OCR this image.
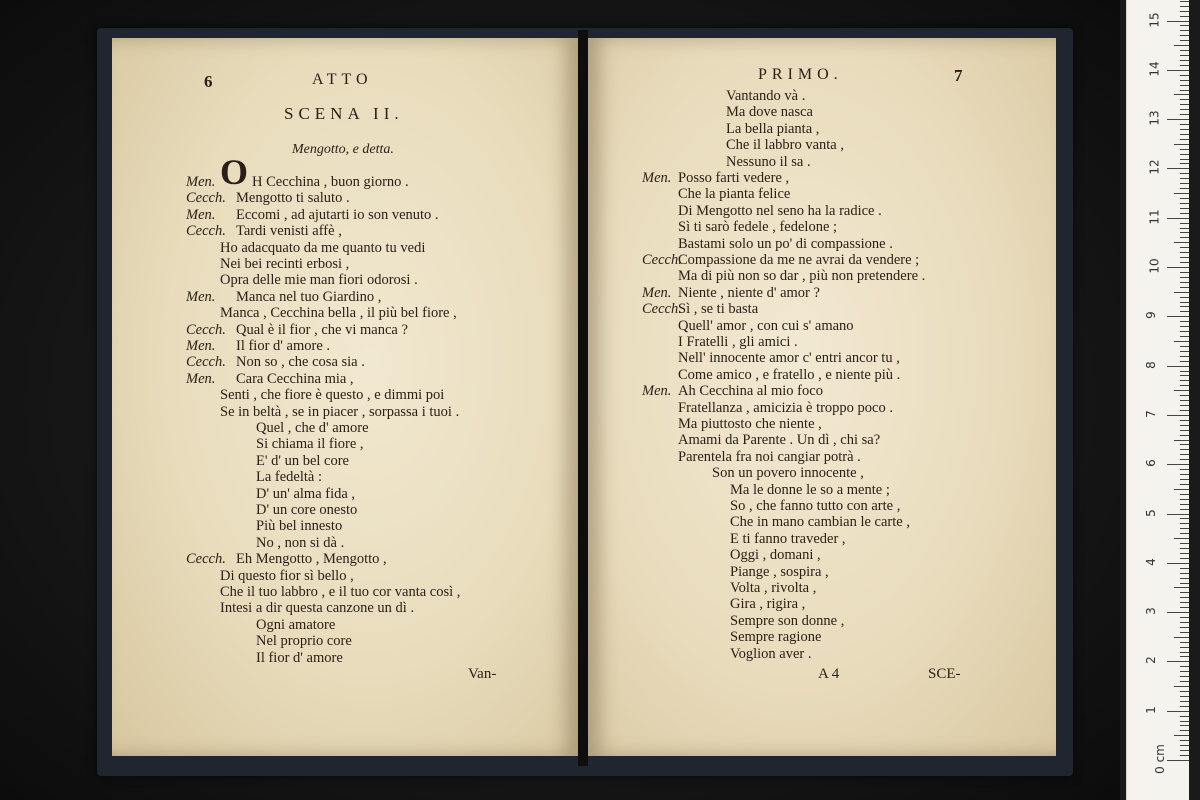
6	ATTO
SCENA II.
Mengotto, e detta.
O
Men.	H Cecchina , buon giorno .
Cecch. Mengotto ti saluto .
Men. Eccomi , ad ajutarti io son venuto .
Cecch. Tardi venisti affè ,
Ho adacquato da me quanto tu vedi
Nei bei recinti erbosi ,
Opra delle mie man fiori odorosi .
Men. Manca nel tuo Giardino ,
Manca , Cecchina bella , il più bel fiore ,
Cecch. Qual è il fior , che vi manca ?
Men. Il fior d' amore .
Cecch. Non so , che cosa sia .
Men. Cara Cecchina mia ,
Senti , che fiore è questo , e dimmi poi
Se in beltà , se in piacer , sorpassa i tuoi .
Quel , che d' amore
Si chiama il fiore ,
E' d' un bel core
La fedeltà :
D' un' alma fida ,
D' un core onesto
Più bel innesto
No , non si dà .
Cecch. Eh Mengotto , Mengotto ,
Di questo fior sì bello ,
Che il tuo labbro , e il tuo cor vanta così ,
Intesi a dir questa canzone un dì .
Ogni amatore
Nel proprio core
Il fior d' amore
Van-
PRIMO.	7
Vantando và .
Ma dove nasca
La bella pianta ,
Che il labbro vanta ,
Nessuno il sa .
Men. Posso farti vedere ,
Che la pianta felice
Di Mengotto nel seno ha la radice .
Sì ti sarò fedele , fedelone ;
Bastami solo un po' di compassione .
Cecch.
Compassione da me ne avrai da vendere ;
Ma di più non so dar , più non pretendere .
Men. Niente , niente d' amor ?
Cecch.
Sì , se ti basta
Quell' amor , con cui s' amano
I Fratelli , gli amici .
Nell' innocente amor c' entri ancor tu ,
Come amico , e fratello , e niente più .
Men. Ah Cecchina al mio foco
Fratellanza , amicizia è troppo poco .
Ma piuttosto che niente ,
Amami da Parente . Un dì , chi sa?
Parentela fra noi cangiar potrà .
Son un povero innocente ,
Ma le donne le so a mente ;
So , che fanno tutto con arte ,
Che in mano cambian le carte ,
E ti fanno traveder ,
Oggi , domani ,
Piange , sospira ,
Volta , rivolta ,
Gira , rigira ,
Sempre son donne ,
Sempre ragione
Voglion aver .
A 4	SCE-
0 cm
1
2
3
4
5
6
7
8
9
10
11
12
13
14
15
